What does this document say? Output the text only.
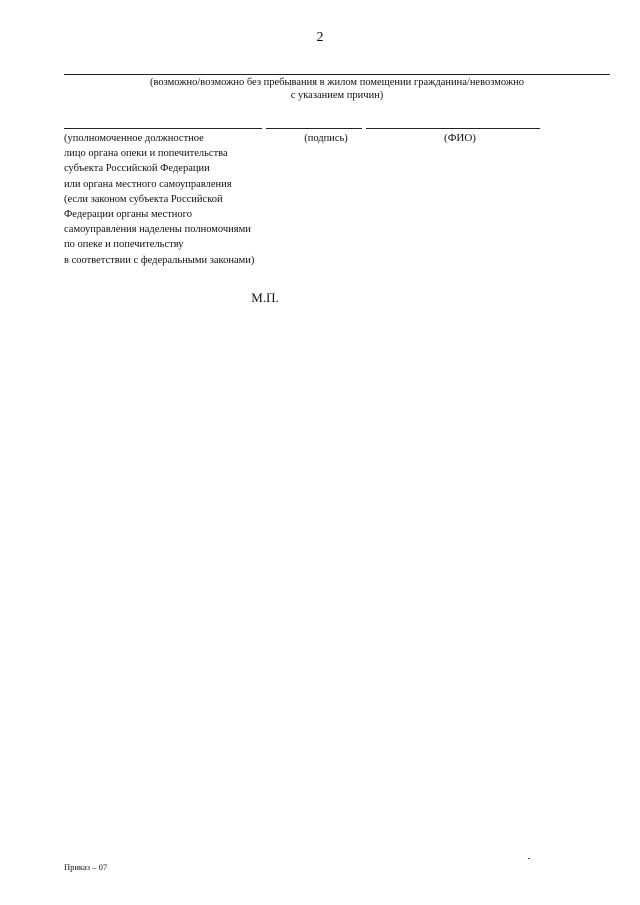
2
(возможно/возможно без пребывания в жилом помещении гражданина/невозможно
с указанием причин)
(уполномоченное должностное
лицо органа опеки и попечительства
субъекта Российской Федерации
или органа местного самоуправления
(если законом субъекта Российской
Федерации органы местного
самоуправления наделены полномочиями
по опеке и попечительству
в соответствии с федеральными законами)
(подпись)	(ФИО)
М.П.
Приказ – 07
